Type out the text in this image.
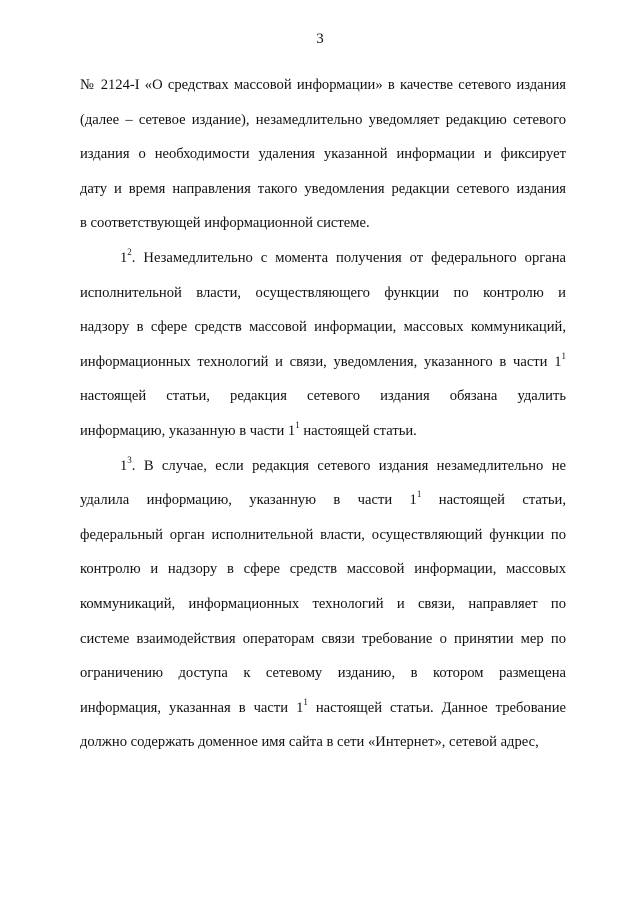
3
№ 2124-I «О средствах массовой информации» в качестве сетевого издания
(далее – сетевое издание), незамедлительно уведомляет редакцию сетевого
издания о необходимости удаления указанной информации и фиксирует
дату и время направления такого уведомления редакции сетевого издания
в соответствующей информационной системе.
$1^2$. Незамедлительно с момента получения от федерального органа
исполнительной власти, осуществляющего функции по контролю и
надзору в сфере средств массовой информации, массовых коммуникаций,
информационных технологий и связи, уведомления, указанного в части $1^1$
настоящей статьи, редакция сетевого издания обязана удалить
информацию, указанную в части $1^1$ настоящей статьи.
$1^3$. В случае, если редакция сетевого издания незамедлительно не
удалила информацию, указанную в части $1^1$ настоящей статьи,
федеральный орган исполнительной власти, осуществляющий функции по
контролю и надзору в сфере средств массовой информации, массовых
коммуникаций, информационных технологий и связи, направляет по
системе взаимодействия операторам связи требование о принятии мер по
ограничению доступа к сетевому изданию, в котором размещена
информация, указанная в части $1^1$ настоящей статьи. Данное требование
должно содержать доменное имя сайта в сети «Интернет», сетевой адрес,
